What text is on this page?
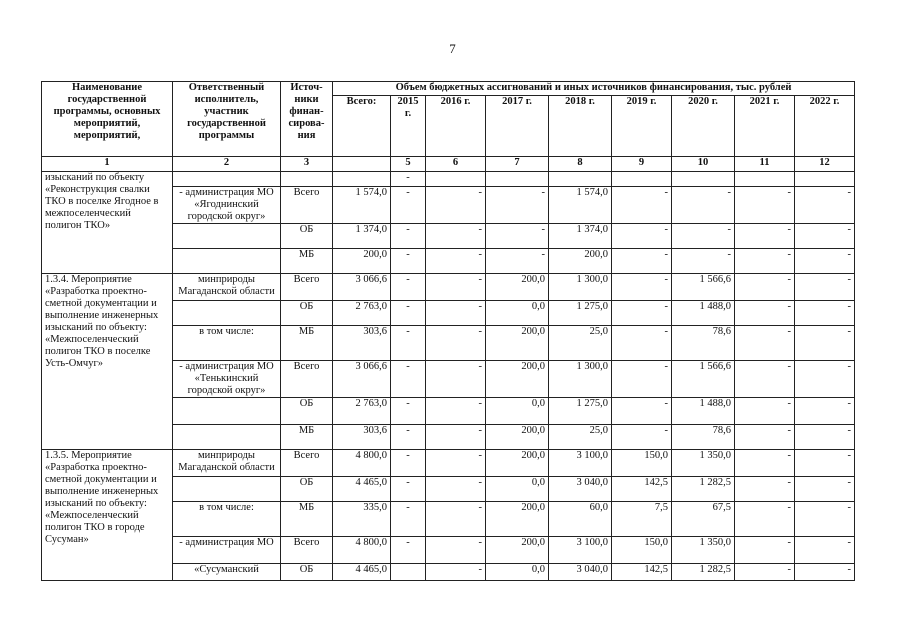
7
Наименование государственной программы, основных мероприятий, мероприятий,	Ответственный исполнитель, участник государственной программы	Источ-ники финан-сирова-ния	Объем бюджетных ассигнований и иных источников финансирования, тыс. рублей								
			Всего:	2015 г.	2016 г.	2017 г.	2018 г.	2019 г.	2020 г.	2021 г.	2022 г.
1	2	3		5	6	7	8	9	10	11	12
изысканий по объекту «Реконструкция свалки ТКО в поселке Ягодное в межпоселенческий полигон ТКО»				-							
	- администрация МО «Ягоднинский городской округ»	Всего	1 574,0	-	-	-	1 574,0	-	-	-	-
		ОБ	1 374,0	-	-	-	1 374,0	-	-	-	-
		МБ	200,0	-	-	-	200,0	-	-	-	-
1.3.4. Мероприятие «Разработка проектно-сметной документации и выполнение инженерных изысканий по объекту: «Межпоселенческий полигон ТКО в поселке Усть-Омчуг»	минприроды Магаданской области	Всего	3 066,6	-	-	200,0	1 300,0	-	1 566,6	-	-
		ОБ	2 763,0	-	-	0,0	1 275,0	-	1 488,0	-	-
	в том числе:	МБ	303,6	-	-	200,0	25,0	-	78,6	-	-
	- администрация МО «Тенькинский городской округ»	Всего	3 066,6	-	-	200,0	1 300,0	-	1 566,6	-	-
		ОБ	2 763,0	-	-	0,0	1 275,0	-	1 488,0	-	-
		МБ	303,6	-	-	200,0	25,0	-	78,6	-	-
1.3.5. Мероприятие «Разработка проектно-сметной документации и выполнение инженерных изысканий по объекту: «Межпоселенческий полигон ТКО в городе Сусуман»	минприроды Магаданской области	Всего	4 800,0	-	-	200,0	3 100,0	150,0	1 350,0	-	-
		ОБ	4 465,0	-	-	0,0	3 040,0	142,5	1 282,5	-	-
	в том числе:	МБ	335,0	-	-	200,0	60,0	7,5	67,5	-	-
	- администрация МО	Всего	4 800,0	-	-	200,0	3 100,0	150,0	1 350,0	-	-
	«Сусуманский	ОБ	4 465,0		-	0,0	3 040,0	142,5	1 282,5	-	-
